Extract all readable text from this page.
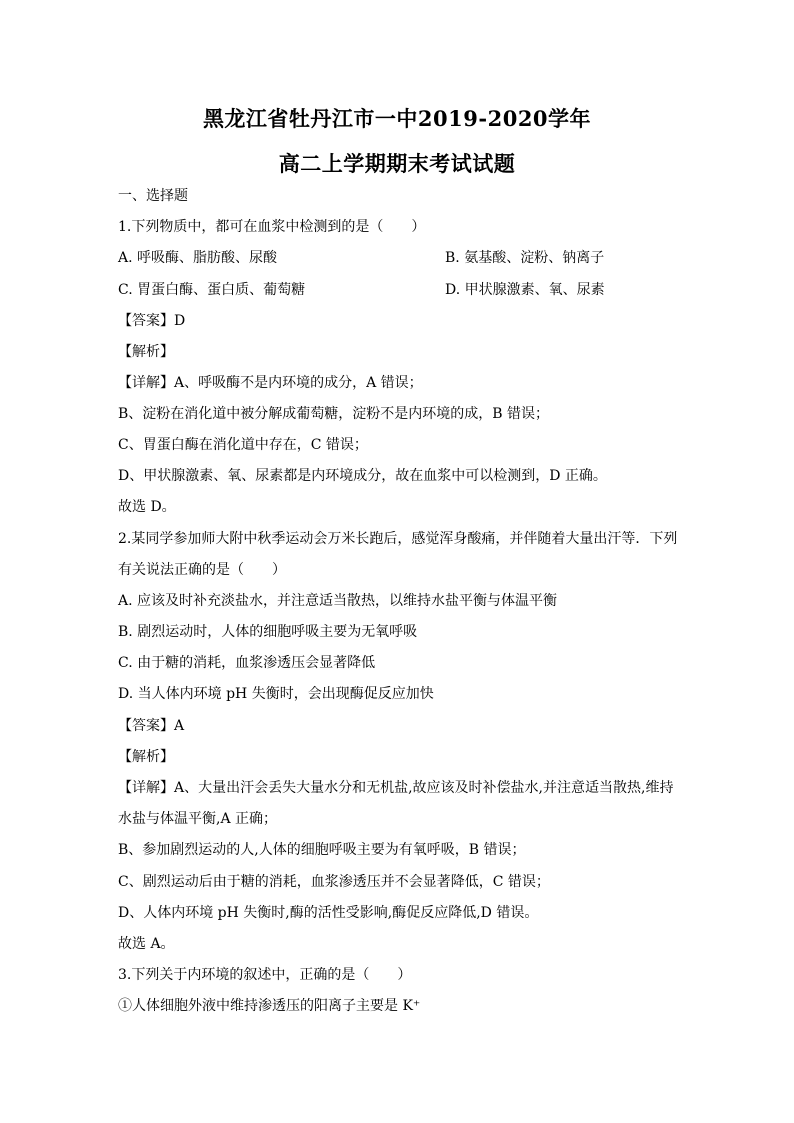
黑龙江省牡丹江市一中2019-2020学年
高二上学期期末考试试题
一、选择题
1.下列物质中，都可在血浆中检测到的是（　　）
A. 呼吸酶、脂肪酸、尿酸	B. 氨基酸、淀粉、钠离子
C. 胃蛋白酶、蛋白质、葡萄糖	D. 甲状腺激素、氧、尿素
【答案】D
【解析】
【详解】A、呼吸酶不是内环境的成分，A 错误；
B、淀粉在消化道中被分解成葡萄糖，淀粉不是内环境的成，B 错误；
C、胃蛋白酶在消化道中存在，C 错误；
D、甲状腺激素、氧、尿素都是内环境成分，故在血浆中可以检测到，D 正确。
故选 D。
2.某同学参加师大附中秋季运动会万米长跑后，感觉浑身酸痛，并伴随着大量出汗等．下列
有关说法正确的是（　　）
A. 应该及时补充淡盐水，并注意适当散热，以维持水盐平衡与体温平衡
B. 剧烈运动时，人体的细胞呼吸主要为无氧呼吸
C. 由于糖的消耗，血浆渗透压会显著降低
D. 当人体内环境 pH 失衡时，会出现酶促反应加快
【答案】A
【解析】
【详解】A、大量出汗会丢失大量水分和无机盐,故应该及时补偿盐水,并注意适当散热,维持
水盐与体温平衡,A 正确；
B、参加剧烈运动的人,人体的细胞呼吸主要为有氧呼吸，B 错误；
C、剧烈运动后由于糖的消耗，血浆渗透压并不会显著降低，C 错误；
D、人体内环境 pH 失衡时,酶的活性受影响,酶促反应降低,D 错误。
故选 A。
3.下列关于内环境的叙述中，正确的是（　　）
①人体细胞外液中维持渗透压的阳离子主要是 K⁺
